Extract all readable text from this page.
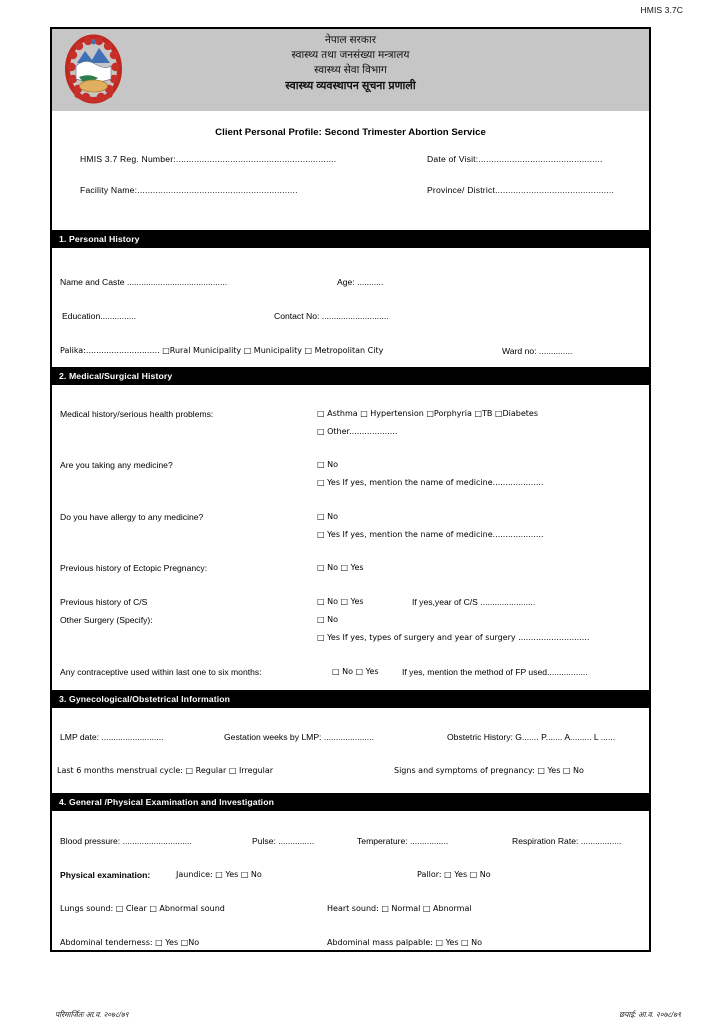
HMIS 3.7C
नेपाल सरकार
स्वास्थ्य तथा जनसंख्या मन्त्रालय
स्वास्थ्य सेवा विभाग
स्वास्थ्य व्यवस्थापन सूचना प्रणाली
Client Personal Profile: Second Trimester Abortion Service
HMIS 3.7 Reg. Number:..............................................................	Date of Visit:................................................
Facility Name:..............................................................	Province/ District..............................................
1. Personal History
Name and Caste ..........................................	Age: ...........
Education...............	Contact No: ............................
Palika:............................. □Rural Municipality □ Municipality □ Metropolitan City	Ward no: ..............
2. Medical/Surgical History
Medical history/serious health problems:	□ Asthma □ Hypertension □Porphyria □TB □Diabetes
□ Other...................
Are you taking any medicine?	□ No
□ Yes If yes, mention the name of medicine....................
Do you have allergy to any medicine?	□ No
□ Yes If yes, mention the name of medicine....................
Previous history of Ectopic Pregnancy:	□ No □ Yes
Previous history of C/S	□ No □ Yes	If yes,year of C/S .......................
Other Surgery (Specify):	□ No
□ Yes If yes, types of surgery and year of surgery ............................
Any contraceptive used within last one to six months:	□ No □ Yes	If yes, mention the method of FP used.................
3. Gynecological/Obstetrical Information
LMP date: ..........................	Gestation weeks by LMP: .....................	Obstetric History: G....... P....... A......... L ......
Last 6 months menstrual cycle: □ Regular □ Irregular	Signs and symptoms of pregnancy: □ Yes □ No
4. General /Physical Examination and Investigation
Blood pressure: .............................	Pulse: ...............	Temperature: ................	Respiration Rate: .................
Physical examination:	Jaundice: □ Yes □ No	Pallor: □ Yes □ No
Lungs sound: □ Clear □ Abnormal sound	Heart sound: □ Normal □ Abnormal
Abdominal tenderness: □ Yes □No	Abdominal mass palpable: □ Yes □ No
परिमार्जितः आ.व. २०७८/७९	छपाई: आ.व. २०७८/७९
